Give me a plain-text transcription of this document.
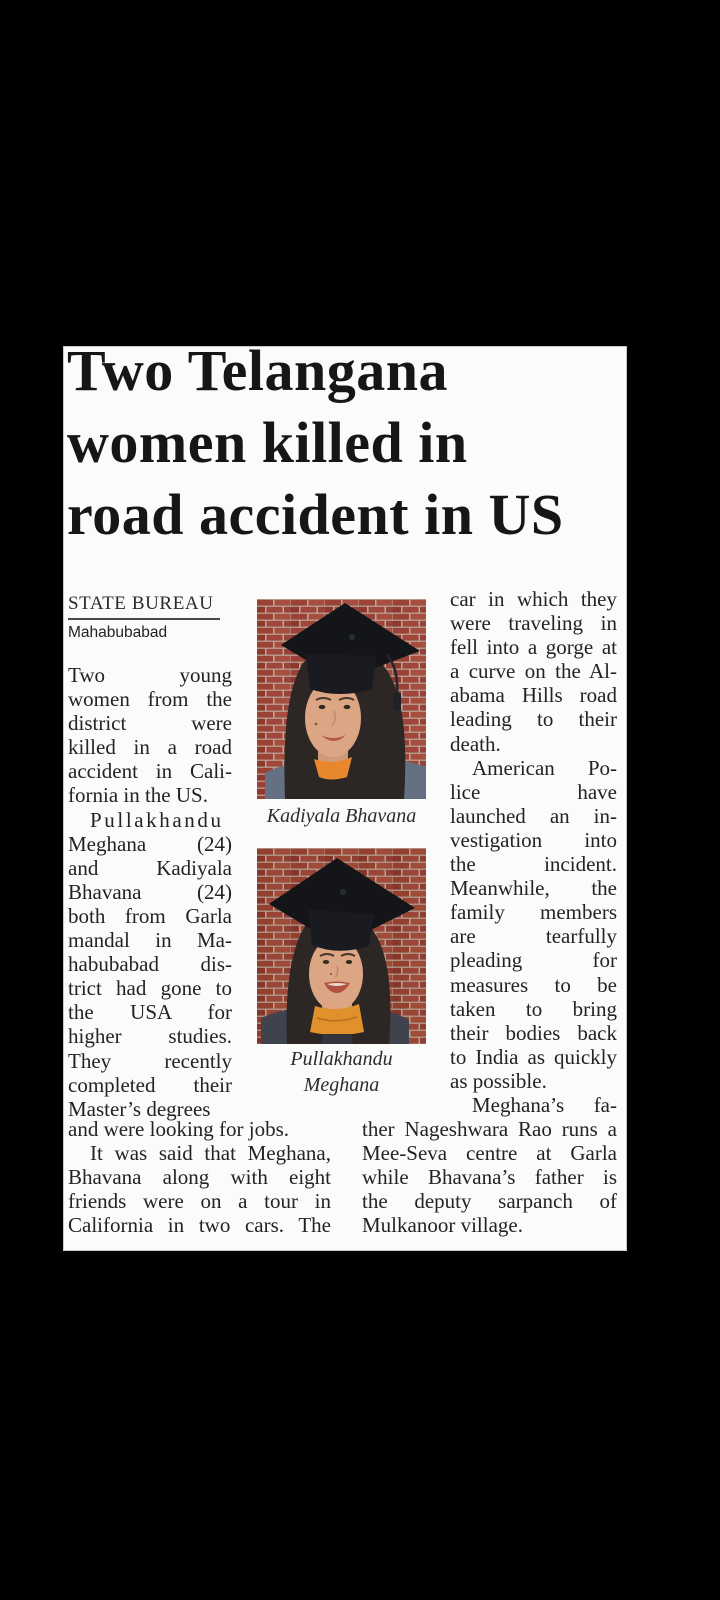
Two Telangana
women killed in
road accident in US
STATE BUREAU
Mahabubabad
Two young
women from the
district were
killed in a road
accident in Cali-
fornia in the US.
Pullakhandu
Meghana (24)
and Kadiyala
Bhavana (24)
both from Garla
mandal in Ma-
habubabad dis-
trict had gone to
the USA for
higher studies.
They recently
completed their
Master’s degrees
car in which they
were traveling in
fell into a gorge at
a curve on the Al-
abama Hills road
leading to their
death.
American Po-
lice have
launched an in-
vestigation into
the incident.
Meanwhile, the
family members
are tearfully
pleading for
measures to be
taken to bring
their bodies back
to India as quickly
as possible.
Meghana’s fa-
and were looking for jobs.
It was said that Meghana,
Bhavana along with eight
friends were on a tour in
California in two cars. The
ther Nageshwara Rao runs a
Mee-Seva centre at Garla
while Bhavana’s father is
the deputy sarpanch of
Mulkanoor village.
Kadiyala Bhavana
Pullakhandu
Meghana
